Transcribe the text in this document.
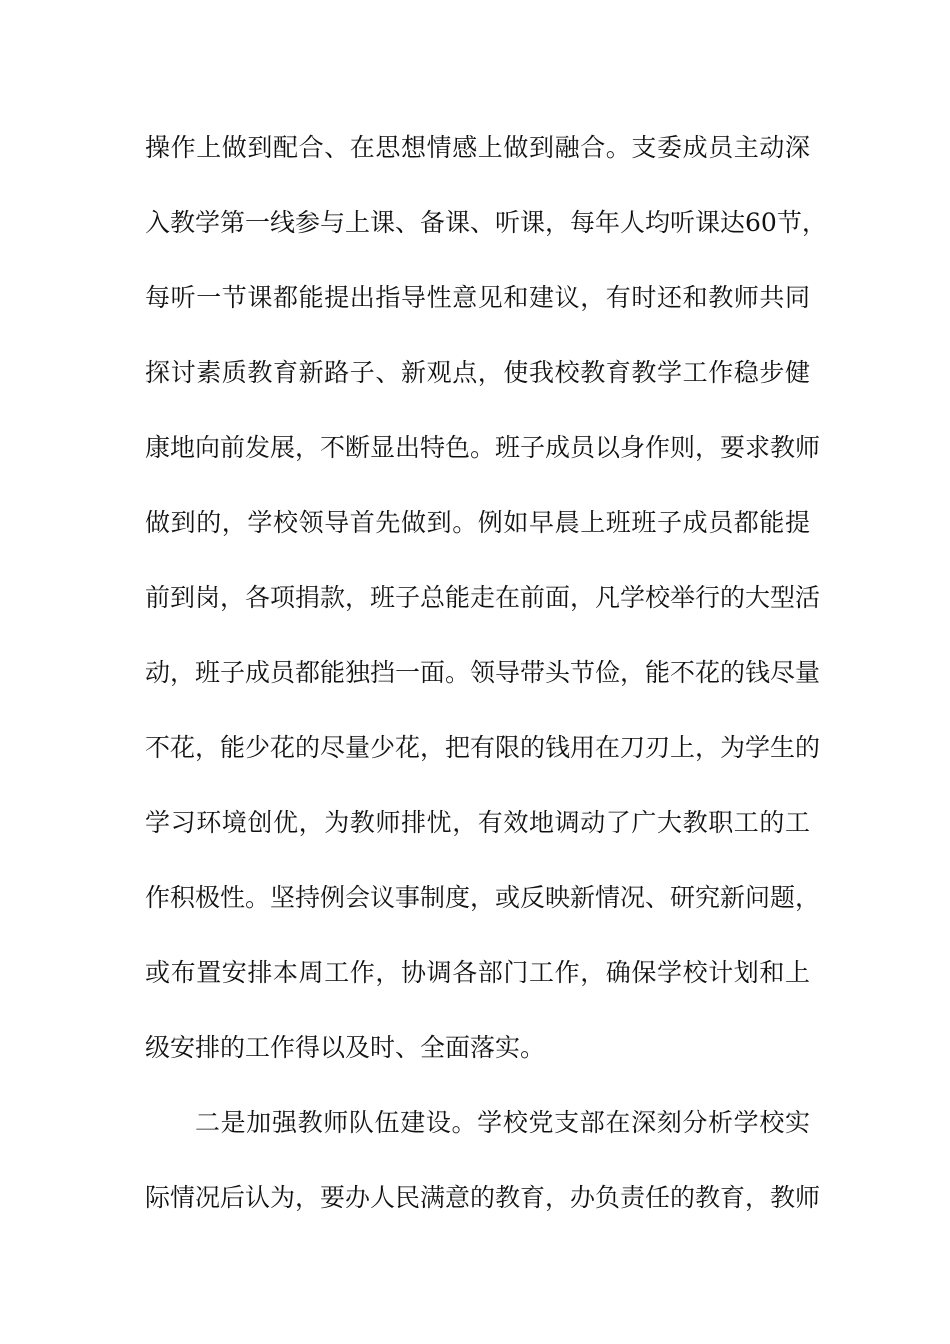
操作上做到配合、在思想情感上做到融合。支委成员主动深
入教学第一线参与上课、备课、听课，每年人均听课达60节，
每听一节课都能提出指导性意见和建议，有时还和教师共同
探讨素质教育新路子、新观点，使我校教育教学工作稳步健
康地向前发展，不断显出特色。班子成员以身作则，要求教师
做到的，学校领导首先做到。例如早晨上班班子成员都能提
前到岗，各项捐款，班子总能走在前面，凡学校举行的大型活
动，班子成员都能独挡一面。领导带头节俭，能不花的钱尽量
不花，能少花的尽量少花，把有限的钱用在刀刃上，为学生的
学习环境创优，为教师排忧，有效地调动了广大教职工的工
作积极性。坚持例会议事制度，或反映新情况、研究新问题，
或布置安排本周工作，协调各部门工作，确保学校计划和上
级安排的工作得以及时、全面落实。
二是加强教师队伍建设。学校党支部在深刻分析学校实
际情况后认为，要办人民满意的教育，办负责任的教育，教师
